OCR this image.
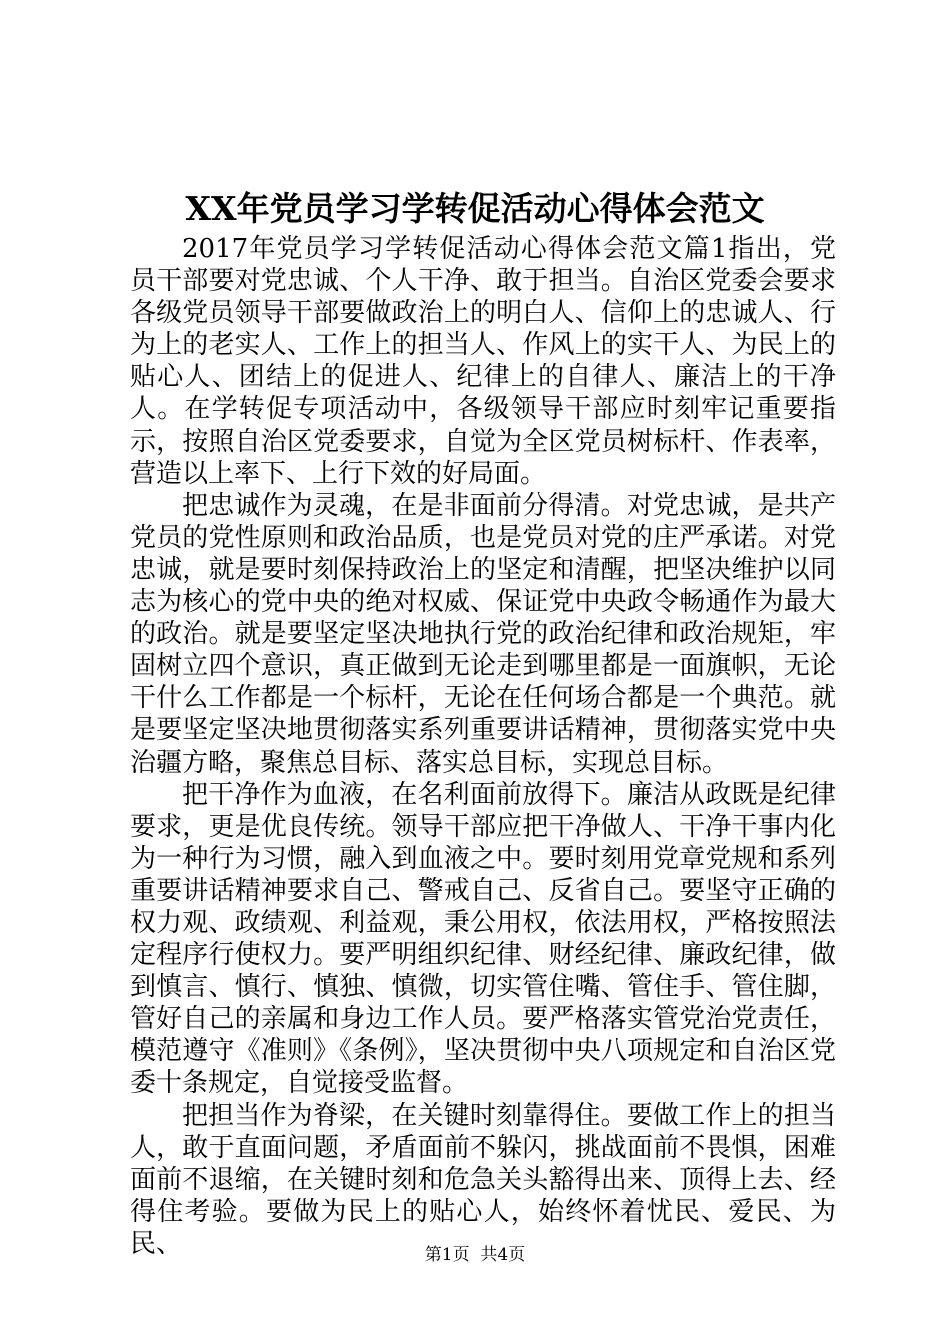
XX年党员学习学转促活动心得体会范文

2017年党员学习学转促活动心得体会范文篇1指出，党员干部要对党忠诚、个人干净、敢于担当。自治区党委会要求各级党员领导干部要做政治上的明白人、信仰上的忠诚人、行为上的老实人、工作上的担当人、作风上的实干人、为民上的贴心人、团结上的促进人、纪律上的自律人、廉洁上的干净人。在学转促专项活动中，各级领导干部应时刻牢记重要指示，按照自治区党委要求，自觉为全区党员树标杆、作表率，营造以上率下、上行下效的好局面。

把忠诚作为灵魂，在是非面前分得清。对党忠诚，是共产党员的党性原则和政治品质，也是党员对党的庄严承诺。对党忠诚，就是要时刻保持政治上的坚定和清醒，把坚决维护以同志为核心的党中央的绝对权威、保证党中央政令畅通作为最大的政治。就是要坚定坚决地执行党的政治纪律和政治规矩，牢固树立四个意识，真正做到无论走到哪里都是一面旗帜，无论干什么工作都是一个标杆，无论在任何场合都是一个典范。就是要坚定坚决地贯彻落实系列重要讲话精神，贯彻落实党中央治疆方略，聚焦总目标、落实总目标，实现总目标。

把干净作为血液，在名利面前放得下。廉洁从政既是纪律要求，更是优良传统。领导干部应把干净做人、干净干事内化为一种行为习惯，融入到血液之中。要时刻用党章党规和系列重要讲话精神要求自己、警戒自己、反省自己。要坚守正确的权力观、政绩观、利益观，秉公用权，依法用权，严格按照法定程序行使权力。要严明组织纪律、财经纪律、廉政纪律，做到慎言、慎行、慎独、慎微，切实管住嘴、管住手、管住脚，管好自己的亲属和身边工作人员。要严格落实管党治党责任，模范遵守《准则》《条例》，坚决贯彻中央八项规定和自治区党委十条规定，自觉接受监督。

把担当作为脊梁，在关键时刻靠得住。要做工作上的担当人，敢于直面问题，矛盾面前不躲闪，挑战面前不畏惧，困难面前不退缩，在关键时刻和危急关头豁得出来、顶得上去、经得住考验。要做为民上的贴心人，始终怀着忧民、爱民、为民、	第1页 共4页
